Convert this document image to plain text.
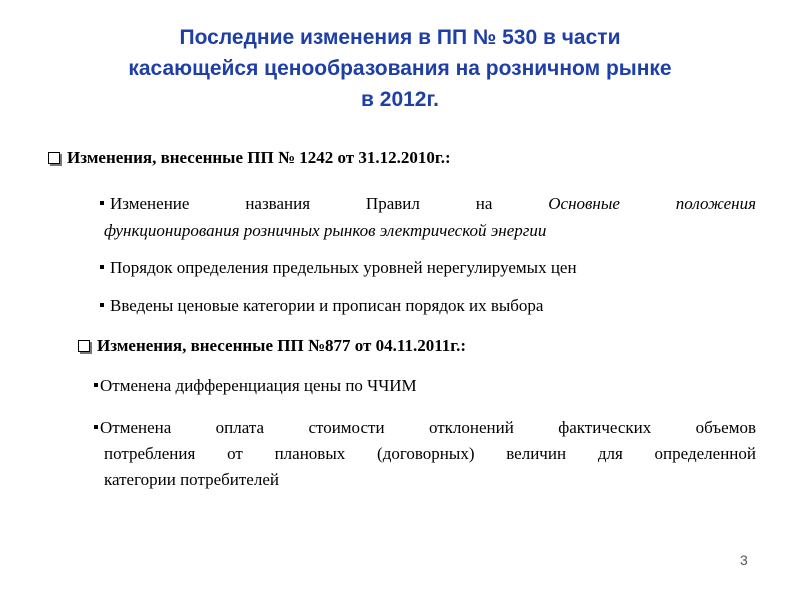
Последние изменения в ПП № 530 в части
касающейся ценообразования на розничном рынке
в 2012г.
Изменения, внесенные ПП № 1242 от 31.12.2010г.:
Изменение названия Правил на Основные положения
функционирования розничных рынков электрической энергии
Порядок определения предельных уровней нерегулируемых цен
Введены ценовые категории и прописан порядок их выбора
Изменения, внесенные ПП №877 от 04.11.2011г.:
Отменена дифференциация цены по ЧЧИМ
Отменена оплата стоимости отклонений фактических объемов
потребления от плановых (договорных) величин для определенной
категории потребителей
3
